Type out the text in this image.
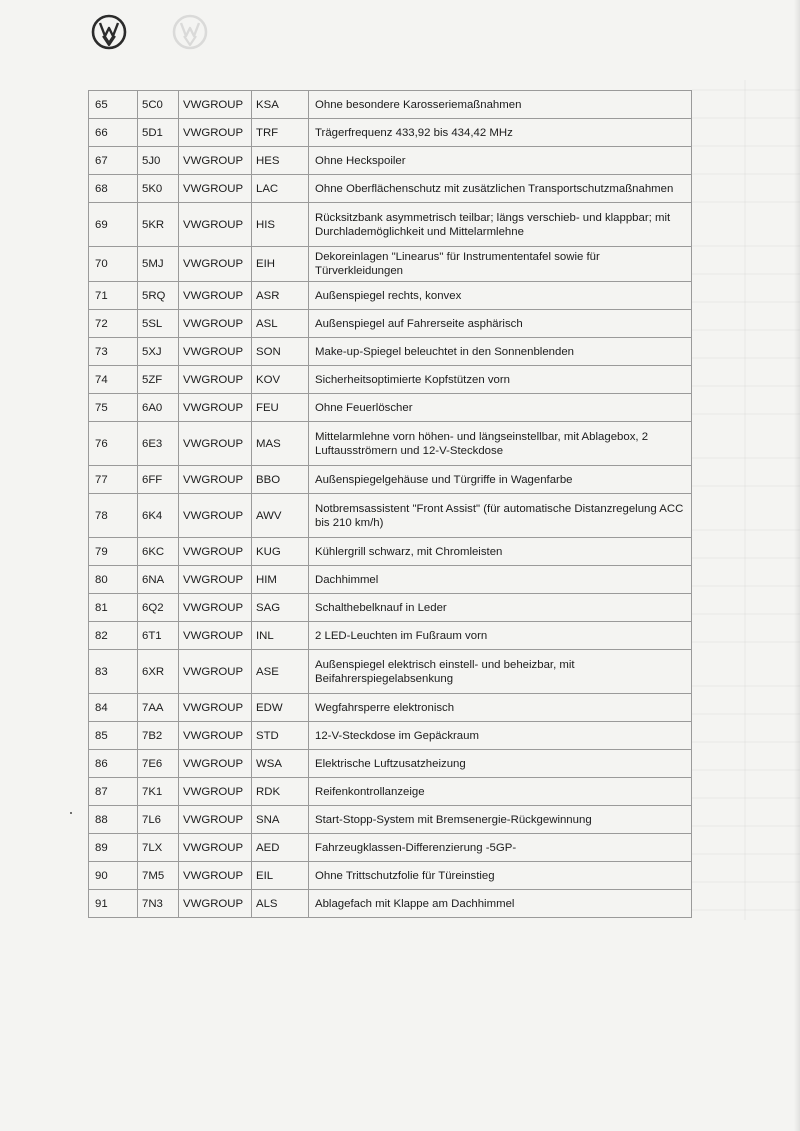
65	5C0	VWGROUP	KSA	Ohne besondere Karosseriemaßnahmen
66	5D1	VWGROUP	TRF	Trägerfrequenz 433,92 bis 434,42 MHz
67	5J0	VWGROUP	HES	Ohne Heckspoiler
68	5K0	VWGROUP	LAC	Ohne Oberflächenschutz mit zusätzlichen Transportschutzmaßnahmen
69	5KR	VWGROUP	HIS	Rücksitzbank asymmetrisch teilbar; längs verschieb- und klappbar; mit Durchlademöglichkeit und Mittelarmlehne
70	5MJ	VWGROUP	EIH	Dekoreinlagen "Linearus" für Instrumententafel sowie für Türverkleidungen
71	5RQ	VWGROUP	ASR	Außenspiegel rechts, konvex
72	5SL	VWGROUP	ASL	Außenspiegel auf Fahrerseite asphärisch
73	5XJ	VWGROUP	SON	Make-up-Spiegel beleuchtet in den Sonnenblenden
74	5ZF	VWGROUP	KOV	Sicherheitsoptimierte Kopfstützen vorn
75	6A0	VWGROUP	FEU	Ohne Feuerlöscher
76	6E3	VWGROUP	MAS	Mittelarmlehne vorn höhen- und längseinstellbar, mit Ablagebox, 2 Luftausströmern und 12-V-Steckdose
77	6FF	VWGROUP	BBO	Außenspiegelgehäuse und Türgriffe in Wagenfarbe
78	6K4	VWGROUP	AWV	Notbremsassistent "Front Assist" (für automatische Distanzregelung ACC bis 210 km/h)
79	6KC	VWGROUP	KUG	Kühlergrill schwarz, mit Chromleisten
80	6NA	VWGROUP	HIM	Dachhimmel
81	6Q2	VWGROUP	SAG	Schalthebelknauf in Leder
82	6T1	VWGROUP	INL	2 LED-Leuchten im Fußraum vorn
83	6XR	VWGROUP	ASE	Außenspiegel elektrisch einstell- und beheizbar, mit Beifahrerspiegelabsenkung
84	7AA	VWGROUP	EDW	Wegfahrsperre elektronisch
85	7B2	VWGROUP	STD	12-V-Steckdose im Gepäckraum
86	7E6	VWGROUP	WSA	Elektrische Luftzusatzheizung
87	7K1	VWGROUP	RDK	Reifenkontrollanzeige
88	7L6	VWGROUP	SNA	Start-Stopp-System mit Bremsenergie-Rückgewinnung
89	7LX	VWGROUP	AED	Fahrzeugklassen-Differenzierung -5GP-
90	7M5	VWGROUP	EIL	Ohne Trittschutzfolie für Türeinstieg
91	7N3	VWGROUP	ALS	Ablagefach mit Klappe am Dachhimmel
